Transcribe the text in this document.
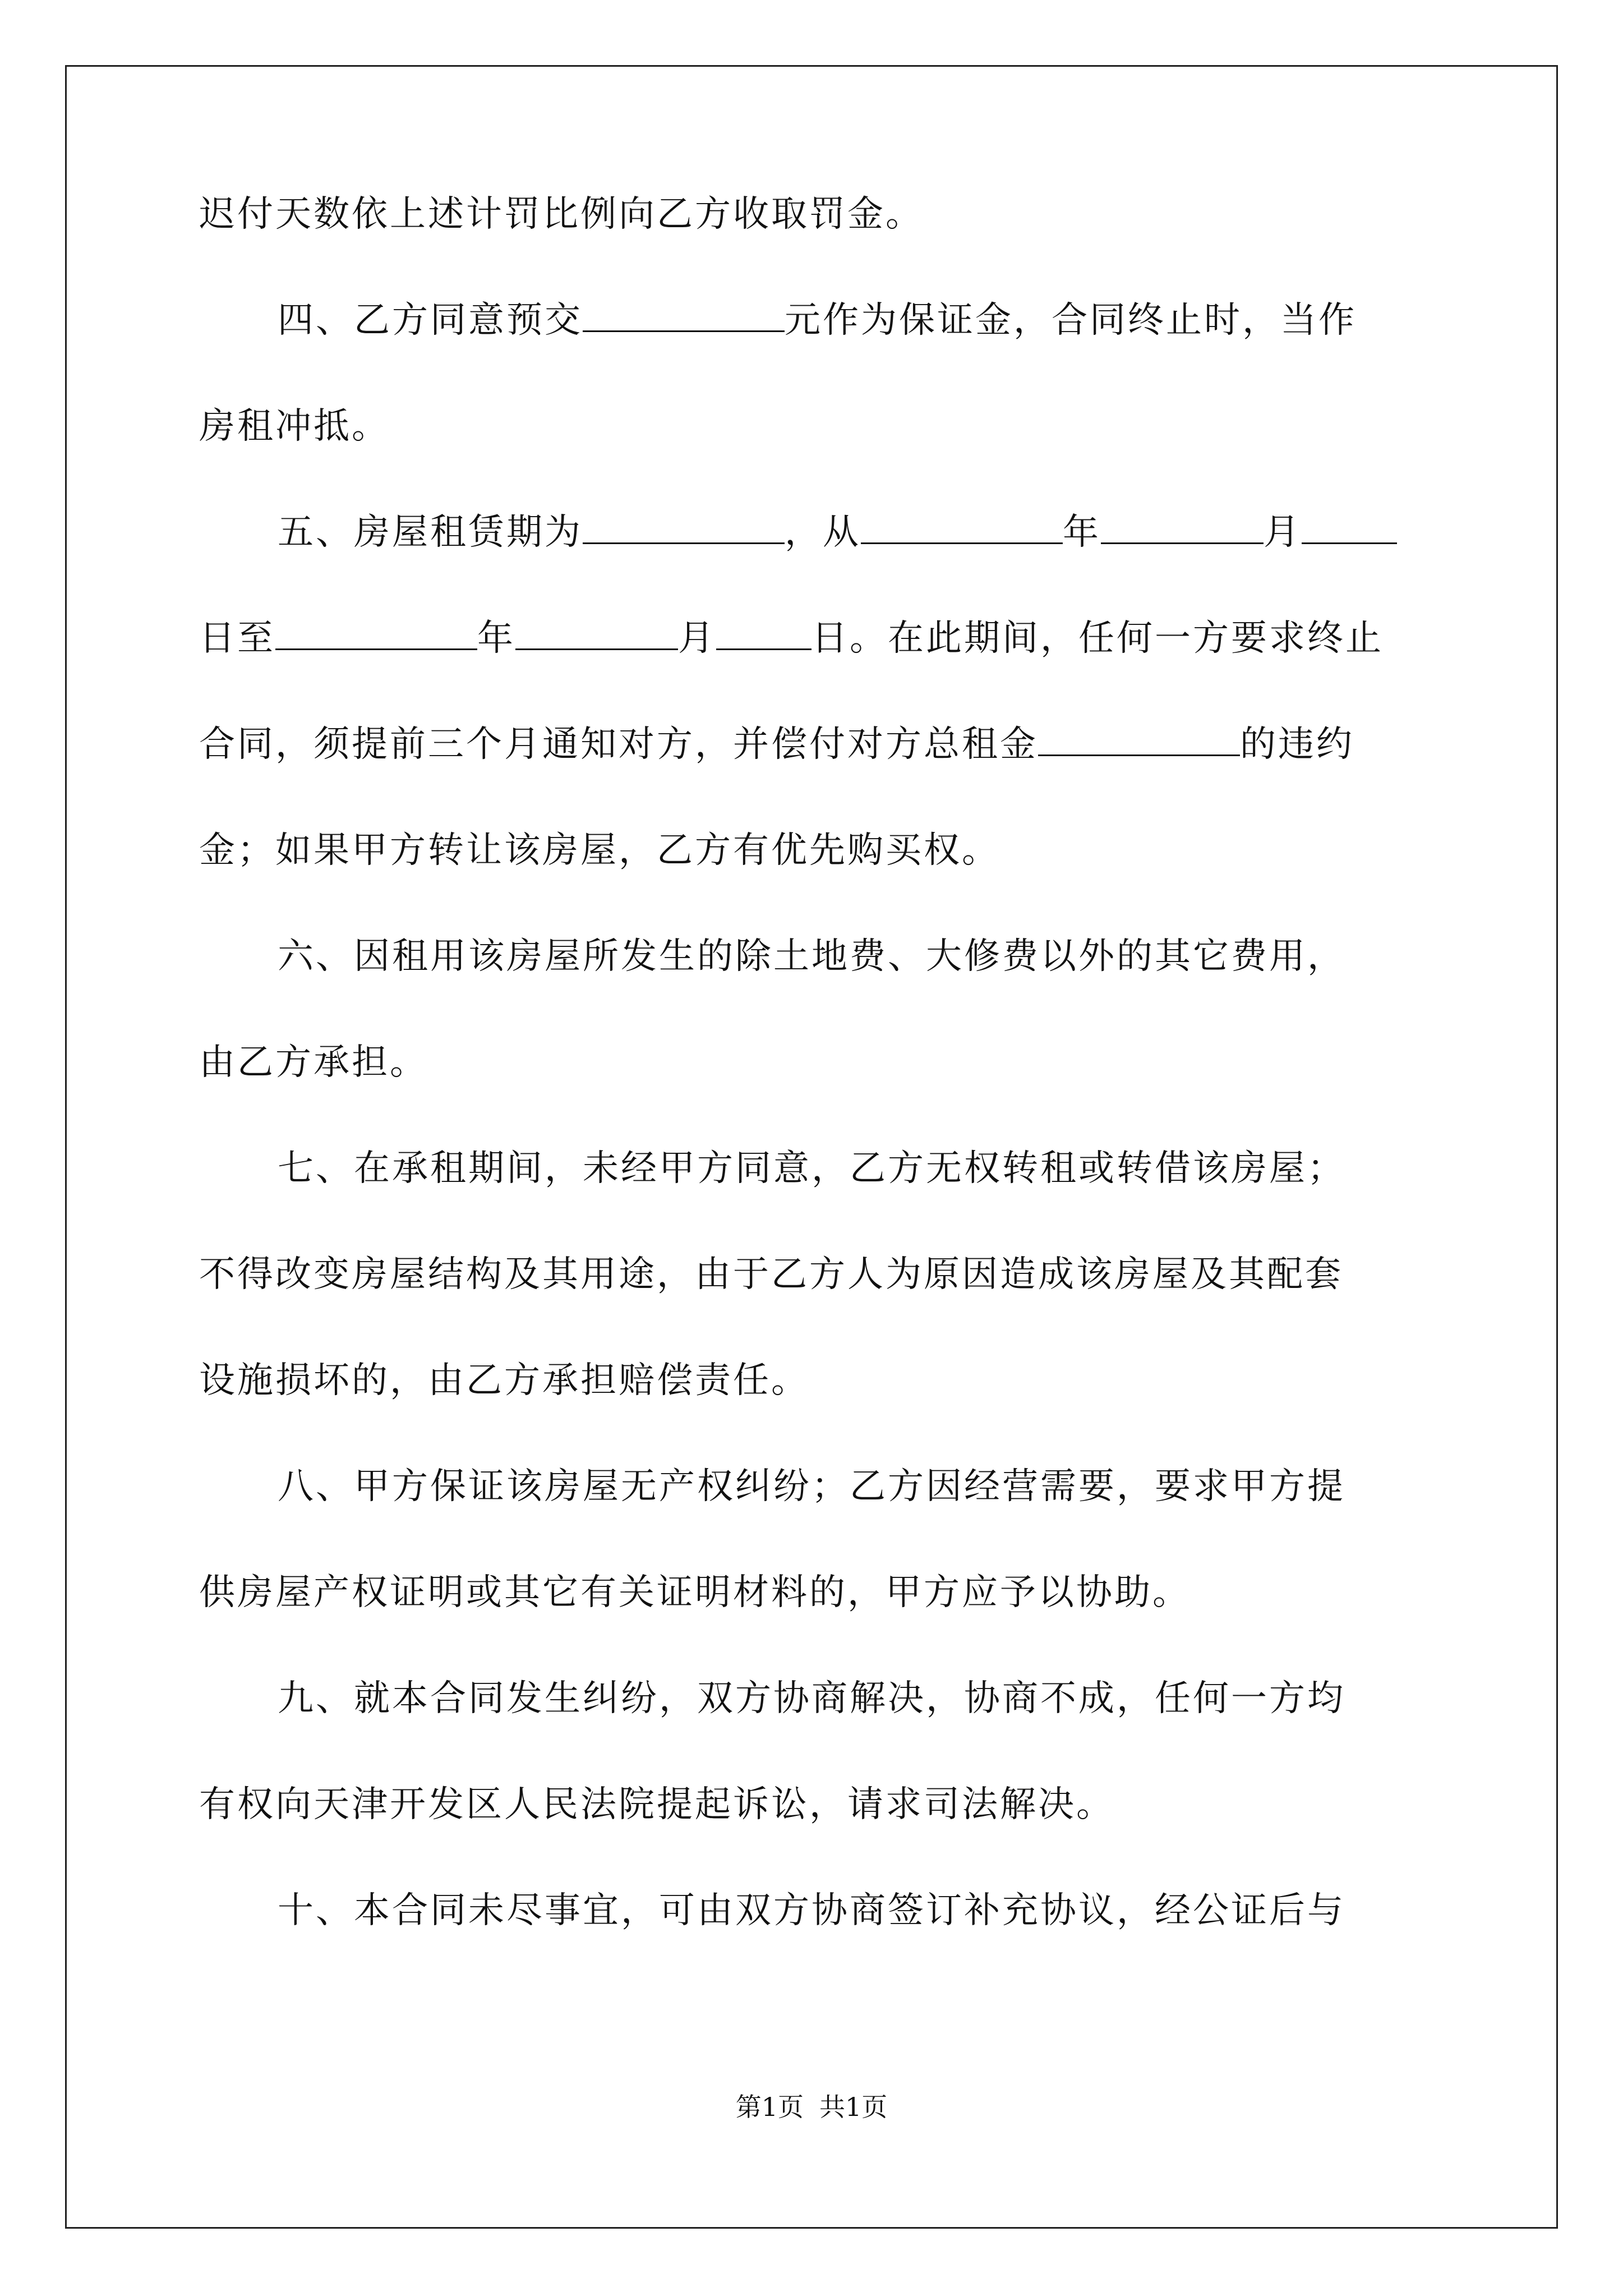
迟付天数依上述计罚比例向乙方收取罚金。
四、乙方同意预交	元作为保证金，合同终止时，当作
房租冲抵。
五、房屋租赁期为	，从	年	月
日至	年	月	日。在此期间，任何一方要求终止
合同，须提前三个月通知对方，并偿付对方总租金	的违约
金；如果甲方转让该房屋，乙方有优先购买权。
六、因租用该房屋所发生的除土地费、大修费以外的其它费用，
由乙方承担。
七、在承租期间，未经甲方同意，乙方无权转租或转借该房屋；
不得改变房屋结构及其用途，由于乙方人为原因造成该房屋及其配套
设施损坏的，由乙方承担赔偿责任。
八、甲方保证该房屋无产权纠纷；乙方因经营需要，要求甲方提
供房屋产权证明或其它有关证明材料的，甲方应予以协助。
九、就本合同发生纠纷，双方协商解决，协商不成，任何一方均
有权向天津开发区人民法院提起诉讼，请求司法解决。
十、本合同未尽事宜，可由双方协商签订补充协议，经公证后与
第1页 共1页
